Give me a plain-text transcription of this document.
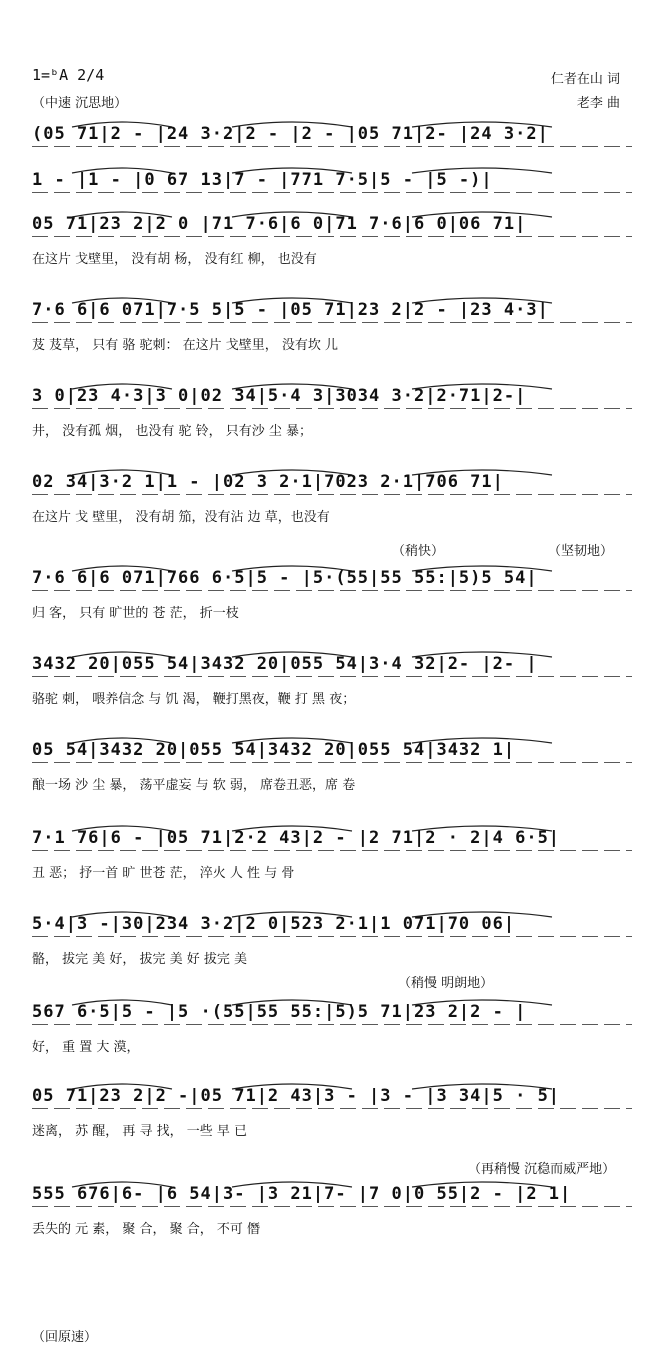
1=ᵇA 2/4
（中速 沉思地）
仁者在山 词
老李 曲
（稍快）	（坚韧地）
（稍慢 明朗地）
（再稍慢 沉稳而威严地）
（回原速）
(05 71|2 - |24 3·2|2 - |2 - |05 71|2- |24 3·2|
1 - |1 - |0 67 13|7 - |771 7·5|5 - |5 -)|
05 71|23 2|2 0 |71 7·6|6 0|71 7·6|6 0|06 71|
在这片 戈壁里， 没有胡 杨， 没有红 柳， 也没有
7·6 6|6 071|7·5 5|5 - |05 71|23 2|2 - |23 4·3|
芨 芨草， 只有 骆 驼刺： 在这片 戈壁里， 没有坎 儿
3 0|23 4·3|3 0|02 34|5·4 3|3034 3·2|2·71|2-|
井， 没有孤 烟， 也没有 驼 铃， 只有沙 尘 暴；
02 34|3·2 1|1 - |02 3 2·1|7023 2·1|706 71|
在这片 戈 壁里， 没有胡 笳，没有沾 边 草，也没有
7·6 6|6 071|766 6·5|5 - |5·(55|55 55:|5)5 54|
归 客， 只有 旷世的 苍 茫， 折一枝
3432 20|055 54|3432 20|055 54|3·4 32|2- |2- |
骆驼 刺， 喂养信念 与 饥 渴， 鞭打黑夜，鞭 打 黑 夜；
05 54|3432 20|055 54|3432 20|055 54|3432 1|
酿一场 沙 尘 暴， 荡平虚妄 与 软 弱， 席卷丑恶，席 卷
7·1 76|6 - |05 71|2·2 43|2 - |2 71|2 · 2|4 6·5|
丑 恶； 抒一首 旷 世苍 茫， 淬火 人 性 与 骨
5·4|3 -|30|234 3·2|2 0|523 2·1|1 071|70 06|
骼， 拔完 美 好， 拔完 美 好 拔完 美
567 6·5|5 - |5 ·(55|55 55:|5)5 71|23 2|2 - |
好， 重 置 大 漠，
05 71|23 2|2 -|05 71|2 43|3 - |3 - |3 34|5 · 5|
迷离， 苏 醒， 再 寻 找， 一些 早 已
555 676|6- |6 54|3- |3 21|7- |7 0|0 55|2 - |2 1|
丢失的 元 素， 聚 合， 聚 合， 不可 僭
